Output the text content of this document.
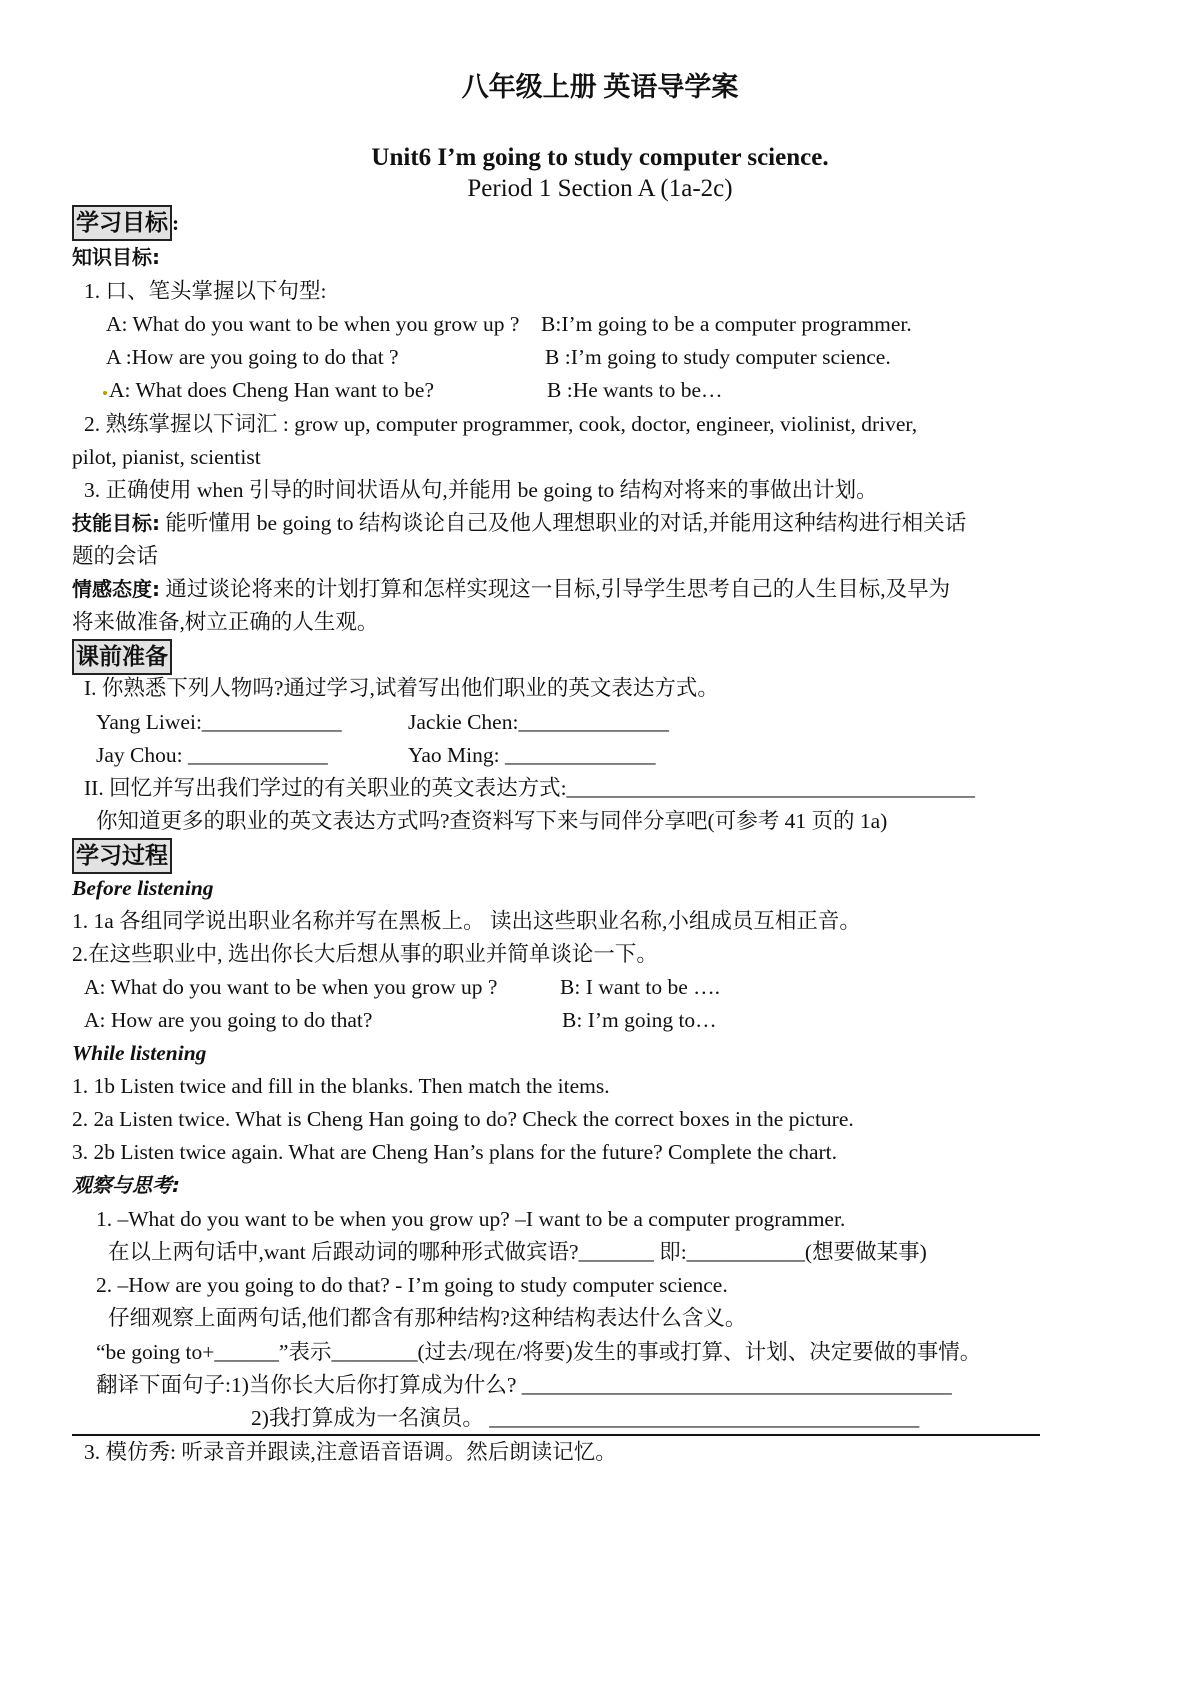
八年级上册 英语导学案
Unit6 I’m going to study computer science.
Period 1 Section A (1a-2c)
学习目标 :
知识目标:
1. 口、笔头掌握以下句型:
A: What do you want to be when you grow up ? B:I’m going to be a computer programmer.
A :How are you going to do that ?	B :I’m going to study computer science.
A: What does Cheng Han want to be?	B :He wants to be…
2. 熟练掌握以下词汇 : grow up, computer programmer, cook, doctor, engineer, violinist, driver,
pilot, pianist, scientist
3. 正确使用 when 引导的时间状语从句,并能用 be going to 结构对将来的事做出计划。
技能目标: 能听懂用 be going to 结构谈论自己及他人理想职业的对话,并能用这种结构进行相关话
题的会话
情感态度: 通过谈论将来的计划打算和怎样实现这一目标,引导学生思考自己的人生目标,及早为
将来做准备,树立正确的人生观。
课前准备
I. 你熟悉下列人物吗?通过学习,试着写出他们职业的英文表达方式。
Yang Liwei:_____________	Jackie Chen:______________
Jay Chou: _____________	Yao Ming: ______________
II. 回忆并写出我们学过的有关职业的英文表达方式:______________________________________
你知道更多的职业的英文表达方式吗?查资料写下来与同伴分享吧(可参考 41 页的 1a)
学习过程
Before listening
1. 1a 各组同学说出职业名称并写在黑板上。 读出这些职业名称,小组成员互相正音。
2.在这些职业中, 选出你长大后想从事的职业并简单谈论一下。
A: What do you want to be when you grow up ?	B: I want to be ….
A: How are you going to do that?	B: I’m going to…
While listening
1. 1b Listen twice and fill in the blanks. Then match the items.
2. 2a Listen twice. What is Cheng Han going to do? Check the correct boxes in the picture.
3. 2b Listen twice again. What are Cheng Han’s plans for the future? Complete the chart.
观察与思考:
1. –What do you want to be when you grow up? –I want to be a computer programmer.
在以上两句话中,want 后跟动词的哪种形式做宾语?_______ 即:___________(想要做某事)
2. –How are you going to do that? - I’m going to study computer science.
仔细观察上面两句话,他们都含有那种结构?这种结构表达什么含义。
“be going to+______”表示________(过去/现在/将要)发生的事或打算、计划、决定要做的事情。
翻译下面句子:1)当你长大后你打算成为什么? ________________________________________
2)我打算成为一名演员。 ________________________________________
3. 模仿秀: 听录音并跟读,注意语音语调。然后朗读记忆。
